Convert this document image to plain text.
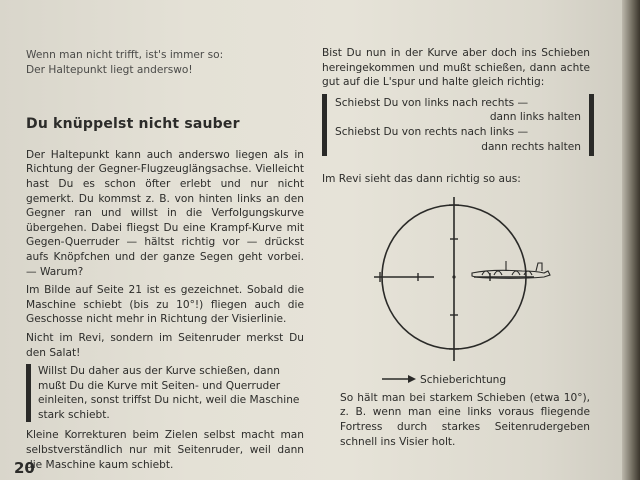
Wenn man nicht trifft, ist's immer so:

Der Haltepunkt liegt anderswo!

Du knüppelst nicht sauber

Der Haltepunkt kann auch anderswo liegen als in Richtung der Gegner-Flugzeuglängsachse. Vielleicht hast Du es schon öfter erlebt und nur nicht gemerkt. Du kommst z. B. von hinten links an den Gegner ran und willst in die Verfolgungskurve übergehen. Dabei fliegst Du eine Krampf-Kurve mit Gegen-Querruder — hältst richtig vor — drückst aufs Knöpfchen und der ganze Segen geht vorbei. — Warum?

Im Bilde auf Seite 21 ist es gezeichnet. Sobald die Maschine schiebt (bis zu 10°!) fliegen auch die Geschosse nicht mehr in Richtung der Visierlinie.

Nicht im Revi, sondern im Seitenruder merkst Du den Salat!

Willst Du daher aus der Kurve schießen, dann mußt Du die Kurve mit Seiten- und Querruder einleiten, sonst triffst Du nicht, weil die Maschine stark schiebt.

Kleine Korrekturen beim Zielen selbst macht man selbstverständlich nur mit Seitenruder, weil dann die Maschine kaum schiebt.

Bist Du nun in der Kurve aber doch ins Schieben hereingekommen und mußt schießen, dann achte gut auf die L'spur und halte gleich richtig:

Schiebst Du von links nach rechts —

dann links halten

Schiebst Du von rechts nach links —

dann rechts halten

Im Revi sieht das dann richtig so aus:

Schieberichtung

So hält man bei starkem Schieben (etwa 10°), z. B. wenn man eine links voraus fliegende Fortress durch starkes Seitenrudergeben schnell ins Visier holt.

20
